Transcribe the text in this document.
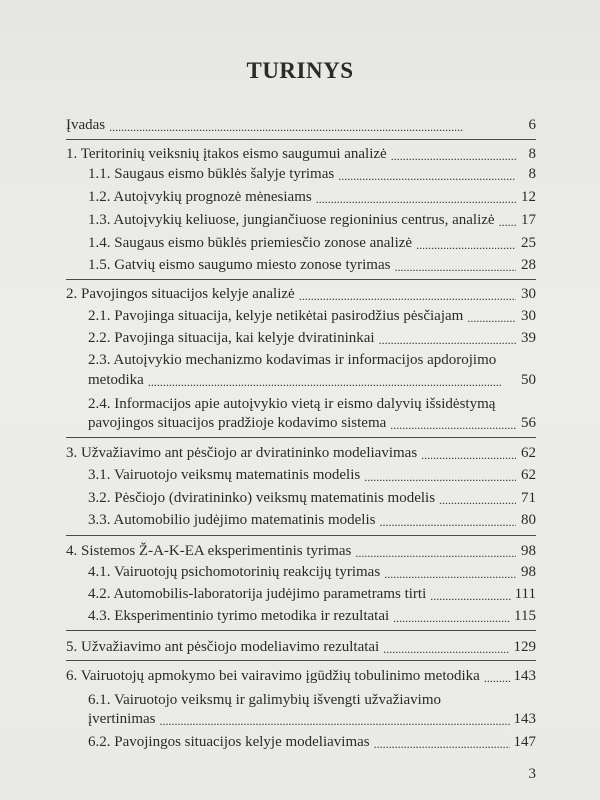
TURINYS
Įvadas . . .	6
1. Teritorinių veiksnių įtakos eismo saugumui analizė . . .	8
1.1. Saugaus eismo būklės šalyje tyrimas . . .	8
1.2. Autoįvykių prognozė mėnesiams . . .	12
1.3. Autoįvykių keliuose, jungiančiuose regioninius centrus, analizė . . . 17
1.4. Saugaus eismo būklės priemiesčio zonose analizė . . .	25
1.5. Gatvių eismo saugumo miesto zonose tyrimas . . .	28
2. Pavojingos situacijos kelyje analizė . . .	30
2.1. Pavojinga situacija, kelyje netikėtai pasirodžius pėsčiajam . . .	30
2.2. Pavojinga situacija, kai kelyje dviratininkai . . .	39
2.3. Autoįvykio mechanizmo kodavimas ir informacijos apdorojimo
metodika . . .	50
2.4. Informacijos apie autoįvykio vietą ir eismo dalyvių išsidėstymą
pavojingos situacijos pradžioje kodavimo sistema . . .	56
3. Užvažiavimo ant pėsčiojo ar dviratininko modeliavimas . . .	62
3.1. Vairuotojo veiksmų matematinis modelis . . .	62
3.2. Pėsčiojo (dviratininko) veiksmų matematinis modelis . . .	71
3.3. Automobilio judėjimo matematinis modelis . . .	80
4. Sistemos Ž-A-K-EA eksperimentinis tyrimas . . .	98
4.1. Vairuotojų psichomotorinių reakcijų tyrimas . . .	98
4.2. Automobilis-laboratorija judėjimo parametrams tirti . . .	111
4.3. Eksperimentinio tyrimo metodika ir rezultatai . . .	115
5. Užvažiavimo ant pėsčiojo modeliavimo rezultatai . . .	129
6. Vairuotojų apmokymo bei vairavimo įgūdžių tobulinimo metodika . . . 143
6.1. Vairuotojo veiksmų ir galimybių išvengti užvažiavimo
įvertinimas . . .	143
6.2. Pavojingos situacijos kelyje modeliavimas . . .	147
3
